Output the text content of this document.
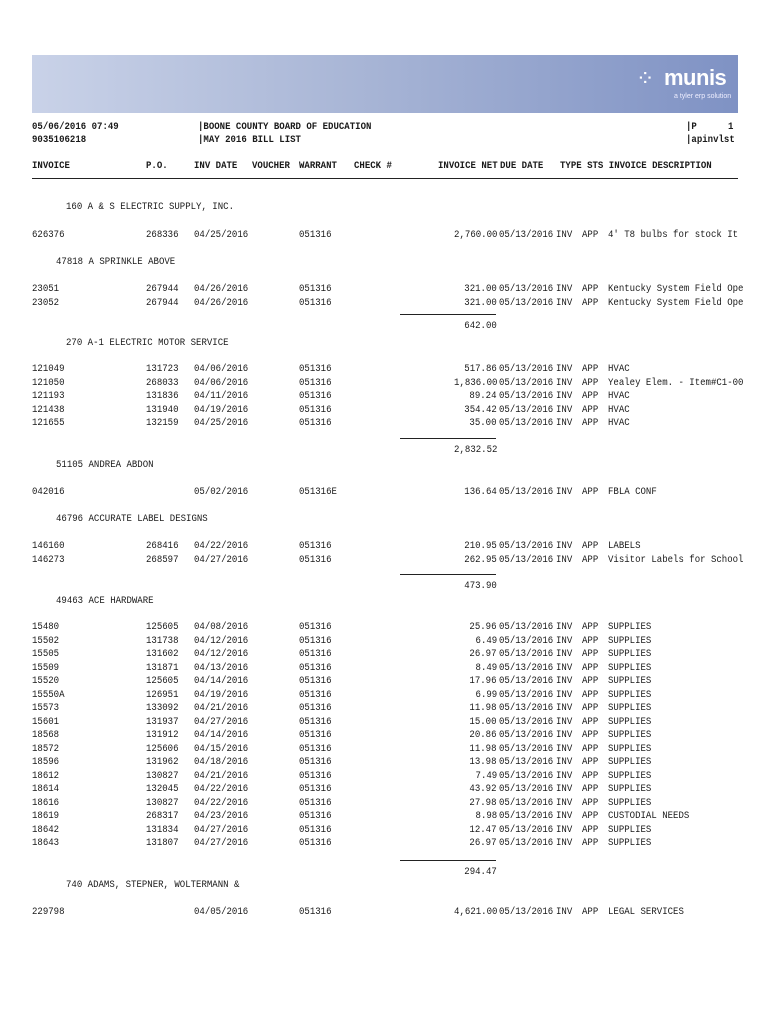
⁘ munis
a tyler erp solution
05/06/2016 07:49
9035106218
|BOONE COUNTY BOARD OF EDUCATION
|MAY 2016 BILL LIST
|P	1
|apinvlst
INVOICE	P.O.	INV DATE VOUCHER WARRANT CHECK #	INVOICE NET DUE DATE TYPE STS INVOICE DESCRIPTION
160 A & S ELECTRIC SUPPLY, INC.
626376	268336 04/25/2016	051316	2,760.00 05/13/2016 INV APP 4' T8 bulbs for stock It
47818 A SPRINKLE ABOVE
23051	267944 04/26/2016	051316	321.00 05/13/2016 INV APP Kentucky System Field Ope
23052	267944 04/26/2016	051316	321.00 05/13/2016 INV APP Kentucky System Field Ope
642.00
270 A-1 ELECTRIC MOTOR SERVICE
121049	131723 04/06/2016	051316	517.86 05/13/2016 INV APP HVAC
121050	268033 04/06/2016	051316	1,836.00 05/13/2016 INV APP Yealey Elem. - Item#C1-00
121193	131836 04/11/2016	051316	89.24 05/13/2016 INV APP HVAC
121438	131940 04/19/2016	051316	354.42 05/13/2016 INV APP HVAC
121655	132159 04/25/2016	051316	35.00 05/13/2016 INV APP HVAC
2,832.52
51105 ANDREA ABDON
042016	05/02/2016	051316E	136.64 05/13/2016 INV APP FBLA CONF
46796 ACCURATE LABEL DESIGNS
146160	268416 04/22/2016	051316	210.95 05/13/2016 INV APP LABELS
146273	268597 04/27/2016	051316	262.95 05/13/2016 INV APP Visitor Labels for School
473.90
49463 ACE HARDWARE
15480	125605 04/08/2016	051316	25.96 05/13/2016 INV APP SUPPLIES
15502	131738 04/12/2016	051316	6.49 05/13/2016 INV APP SUPPLIES
15505	131602 04/12/2016	051316	26.97 05/13/2016 INV APP SUPPLIES
15509	131871 04/13/2016	051316	8.49 05/13/2016 INV APP SUPPLIES
15520	125605 04/14/2016	051316	17.96 05/13/2016 INV APP SUPPLIES
15550A	126951 04/19/2016	051316	6.99 05/13/2016 INV APP SUPPLIES
15573	133092 04/21/2016	051316	11.98 05/13/2016 INV APP SUPPLIES
15601	131937 04/27/2016	051316	15.00 05/13/2016 INV APP SUPPLIES
18568	131912 04/14/2016	051316	20.86 05/13/2016 INV APP SUPPLIES
18572	125606 04/15/2016	051316	11.98 05/13/2016 INV APP SUPPLIES
18596	131962 04/18/2016	051316	13.98 05/13/2016 INV APP SUPPLIES
18612	130827 04/21/2016	051316	7.49 05/13/2016 INV APP SUPPLIES
18614	132045 04/22/2016	051316	43.92 05/13/2016 INV APP SUPPLIES
18616	130827 04/22/2016	051316	27.98 05/13/2016 INV APP SUPPLIES
18619	268317 04/23/2016	051316	8.98 05/13/2016 INV APP CUSTODIAL NEEDS
18642	131834 04/27/2016	051316	12.47 05/13/2016 INV APP SUPPLIES
18643	131807 04/27/2016	051316	26.97 05/13/2016 INV APP SUPPLIES
294.47
740 ADAMS, STEPNER, WOLTERMANN &
229798	04/05/2016	051316	4,621.00 05/13/2016 INV APP LEGAL SERVICES
